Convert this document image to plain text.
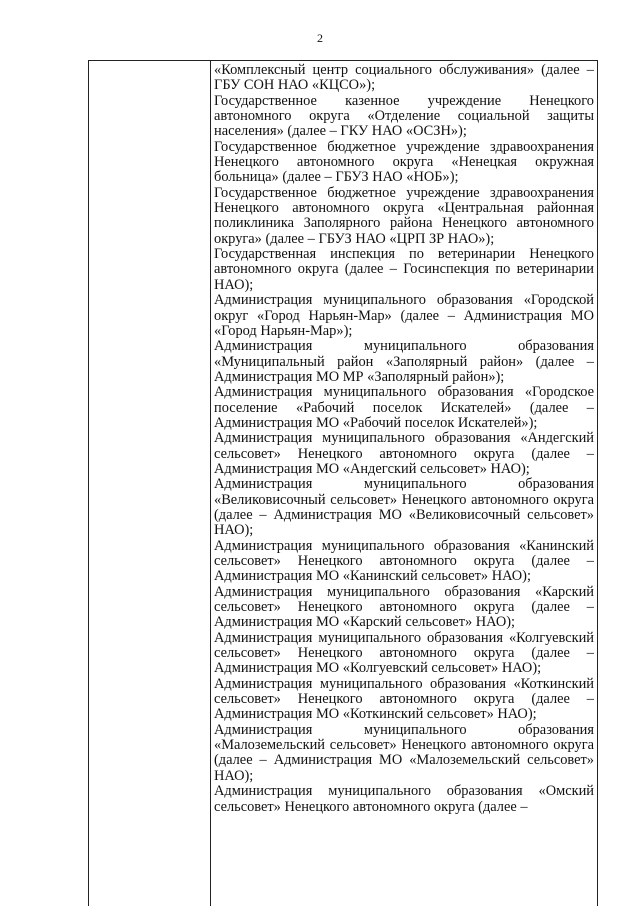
2

«Комплексный центр социального обслуживания» (далее – ГБУ СОН НАО «КЦСО»);

Государственное казенное учреждение Ненецкого автономного округа «Отделение социальной защиты населения» (далее – ГКУ НАО «ОСЗН»);

Государственное бюджетное учреждение здравоохранения Ненецкого автономного округа «Ненецкая окружная больница» (далее – ГБУЗ НАО «НОБ»);

Государственное бюджетное учреждение здравоохранения Ненецкого автономного округа «Центральная районная поликлиника Заполярного района Ненецкого автономного округа» (далее – ГБУЗ НАО «ЦРП ЗР НАО»);

Государственная инспекция по ветеринарии Ненецкого автономного округа (далее – Госинспекция по ветеринарии НАО);

Администрация муниципального образования «Городской округ «Город Нарьян-Мар» (далее – Администрация МО «Город Нарьян-Мар»);

Администрация муниципального образования «Муниципальный район «Заполярный район» (далее – Администрация МО МР «Заполярный район»);

Администрация муниципального образования «Городское поселение «Рабочий поселок Искателей» (далее – Администрация МО «Рабочий поселок Искателей»);

Администрация муниципального образования «Андегский сельсовет» Ненецкого автономного округа (далее – Администрация МО «Андегский сельсовет» НАО);

Администрация муниципального образования «Великовисочный сельсовет» Ненецкого автономного округа (далее – Администрация МО «Великовисочный сельсовет» НАО);

Администрация муниципального образования «Канинский сельсовет» Ненецкого автономного округа (далее – Администрация МО «Канинский сельсовет» НАО);

Администрация муниципального образования «Карский сельсовет» Ненецкого автономного округа (далее – Администрация МО «Карский сельсовет» НАО);

Администрация муниципального образования «Колгуевский сельсовет» Ненецкого автономного округа (далее – Администрация МО «Колгуевский сельсовет» НАО);

Администрация муниципального образования «Коткинский сельсовет» Ненецкого автономного округа (далее – Администрация МО «Коткинский сельсовет» НАО);

Администрация муниципального образования «Малоземельский сельсовет» Ненецкого автономного округа (далее – Администрация МО «Малоземельский сельсовет» НАО);

Администрация муниципального образования «Омский сельсовет» Ненецкого автономного округа (далее –
